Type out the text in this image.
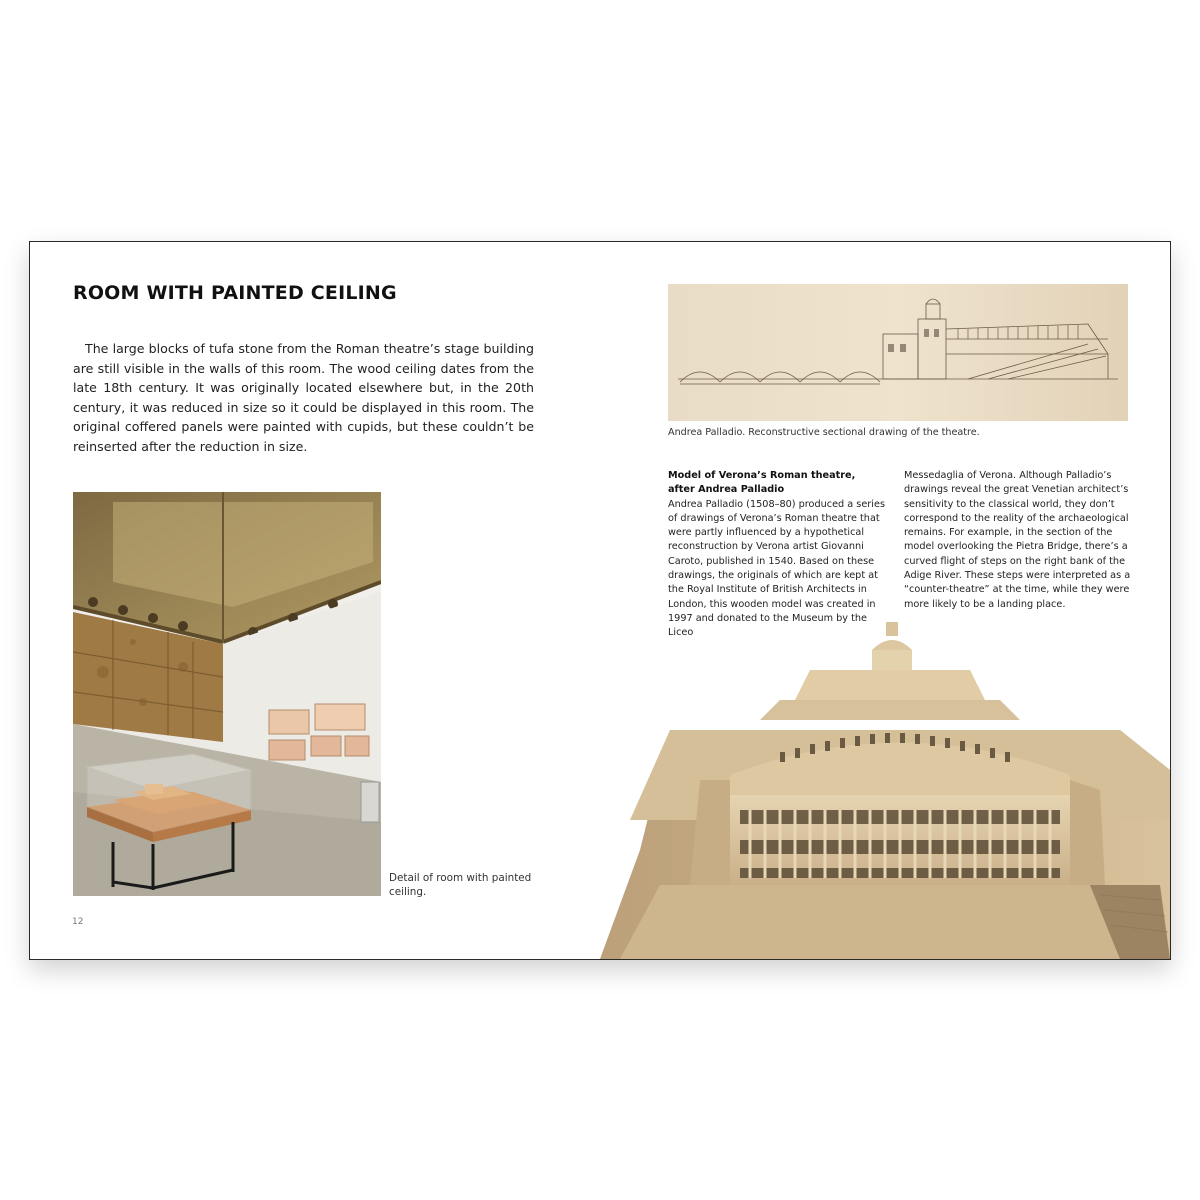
ROOM WITH PAINTED CEILING

The large blocks of tufa stone from the Roman theatre’s stage building are still visible in the walls of this room. The wood ceiling dates from the late 18th century. It was originally located elsewhere but, in the 20th century, it was reduced in size so it could be displayed in this room. The original coffered panels were painted with cupids, but these couldn’t be reinserted after the reduction in size.

Detail of room with painted ceiling.
12
Andrea Palladio. Reconstructive sectional drawing of the theatre.
Model of Verona’s Roman theatre,
after Andrea Palladio
Andrea Palladio (1508–80) produced a series of drawings of Verona’s Roman theatre that were partly influenced by a hypothetical reconstruction by Verona artist Giovanni Caroto, published in 1540. Based on these drawings, the originals of which are kept at the Royal Institute of British Architects in London, this wooden model was created in 1997 and donated to the Museum by the Liceo
Messedaglia of Verona. Although Palladio’s drawings reveal the great Venetian architect’s sensitivity to the classical world, they don’t correspond to the reality of the archaeological remains. For example, in the section of the model overlooking the Pietra Bridge, there’s a curved flight of steps on the right bank of the Adige River. These steps were interpreted as a “counter-theatre” at the time, while they were more likely to be a landing place.
